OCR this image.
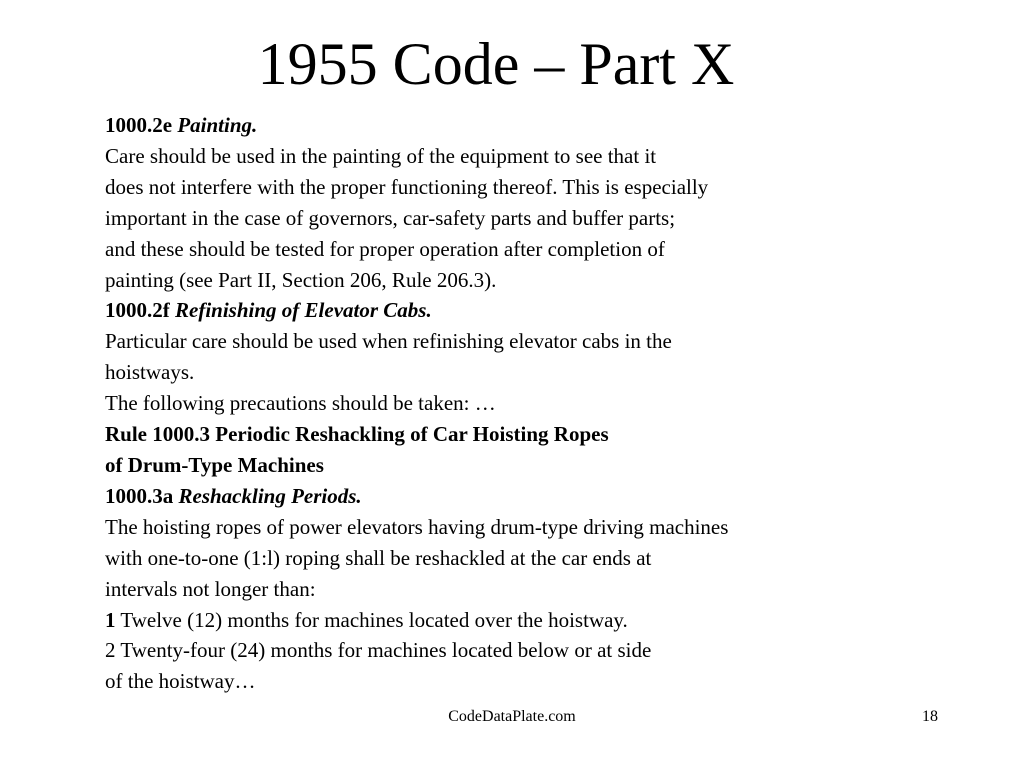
1955 Code – Part X
1000.2e Painting.
Care should be used in the painting of the equipment to see that it
does not interfere with the proper functioning thereof. This is especially
important in the case of governors, car-safety parts and buffer parts;
and these should be tested for proper operation after completion of
painting (see Part II, Section 206, Rule 206.3).
1000.2f Refinishing of Elevator Cabs.
Particular care should be used when refinishing elevator cabs in the
hoistways.
The following precautions should be taken: …
Rule 1000.3 Periodic Reshackling of Car Hoisting Ropes
of Drum-Type Machines
1000.3a Reshackling Periods.
The hoisting ropes of power elevators having drum-type driving machines
with one-to-one (1:l) roping shall be reshackled at the car ends at
intervals not longer than:
1 Twelve (12) months for machines located over the hoistway.
2 Twenty-four (24) months for machines located below or at side
of the hoistway…
CodeDataPlate.com	18
